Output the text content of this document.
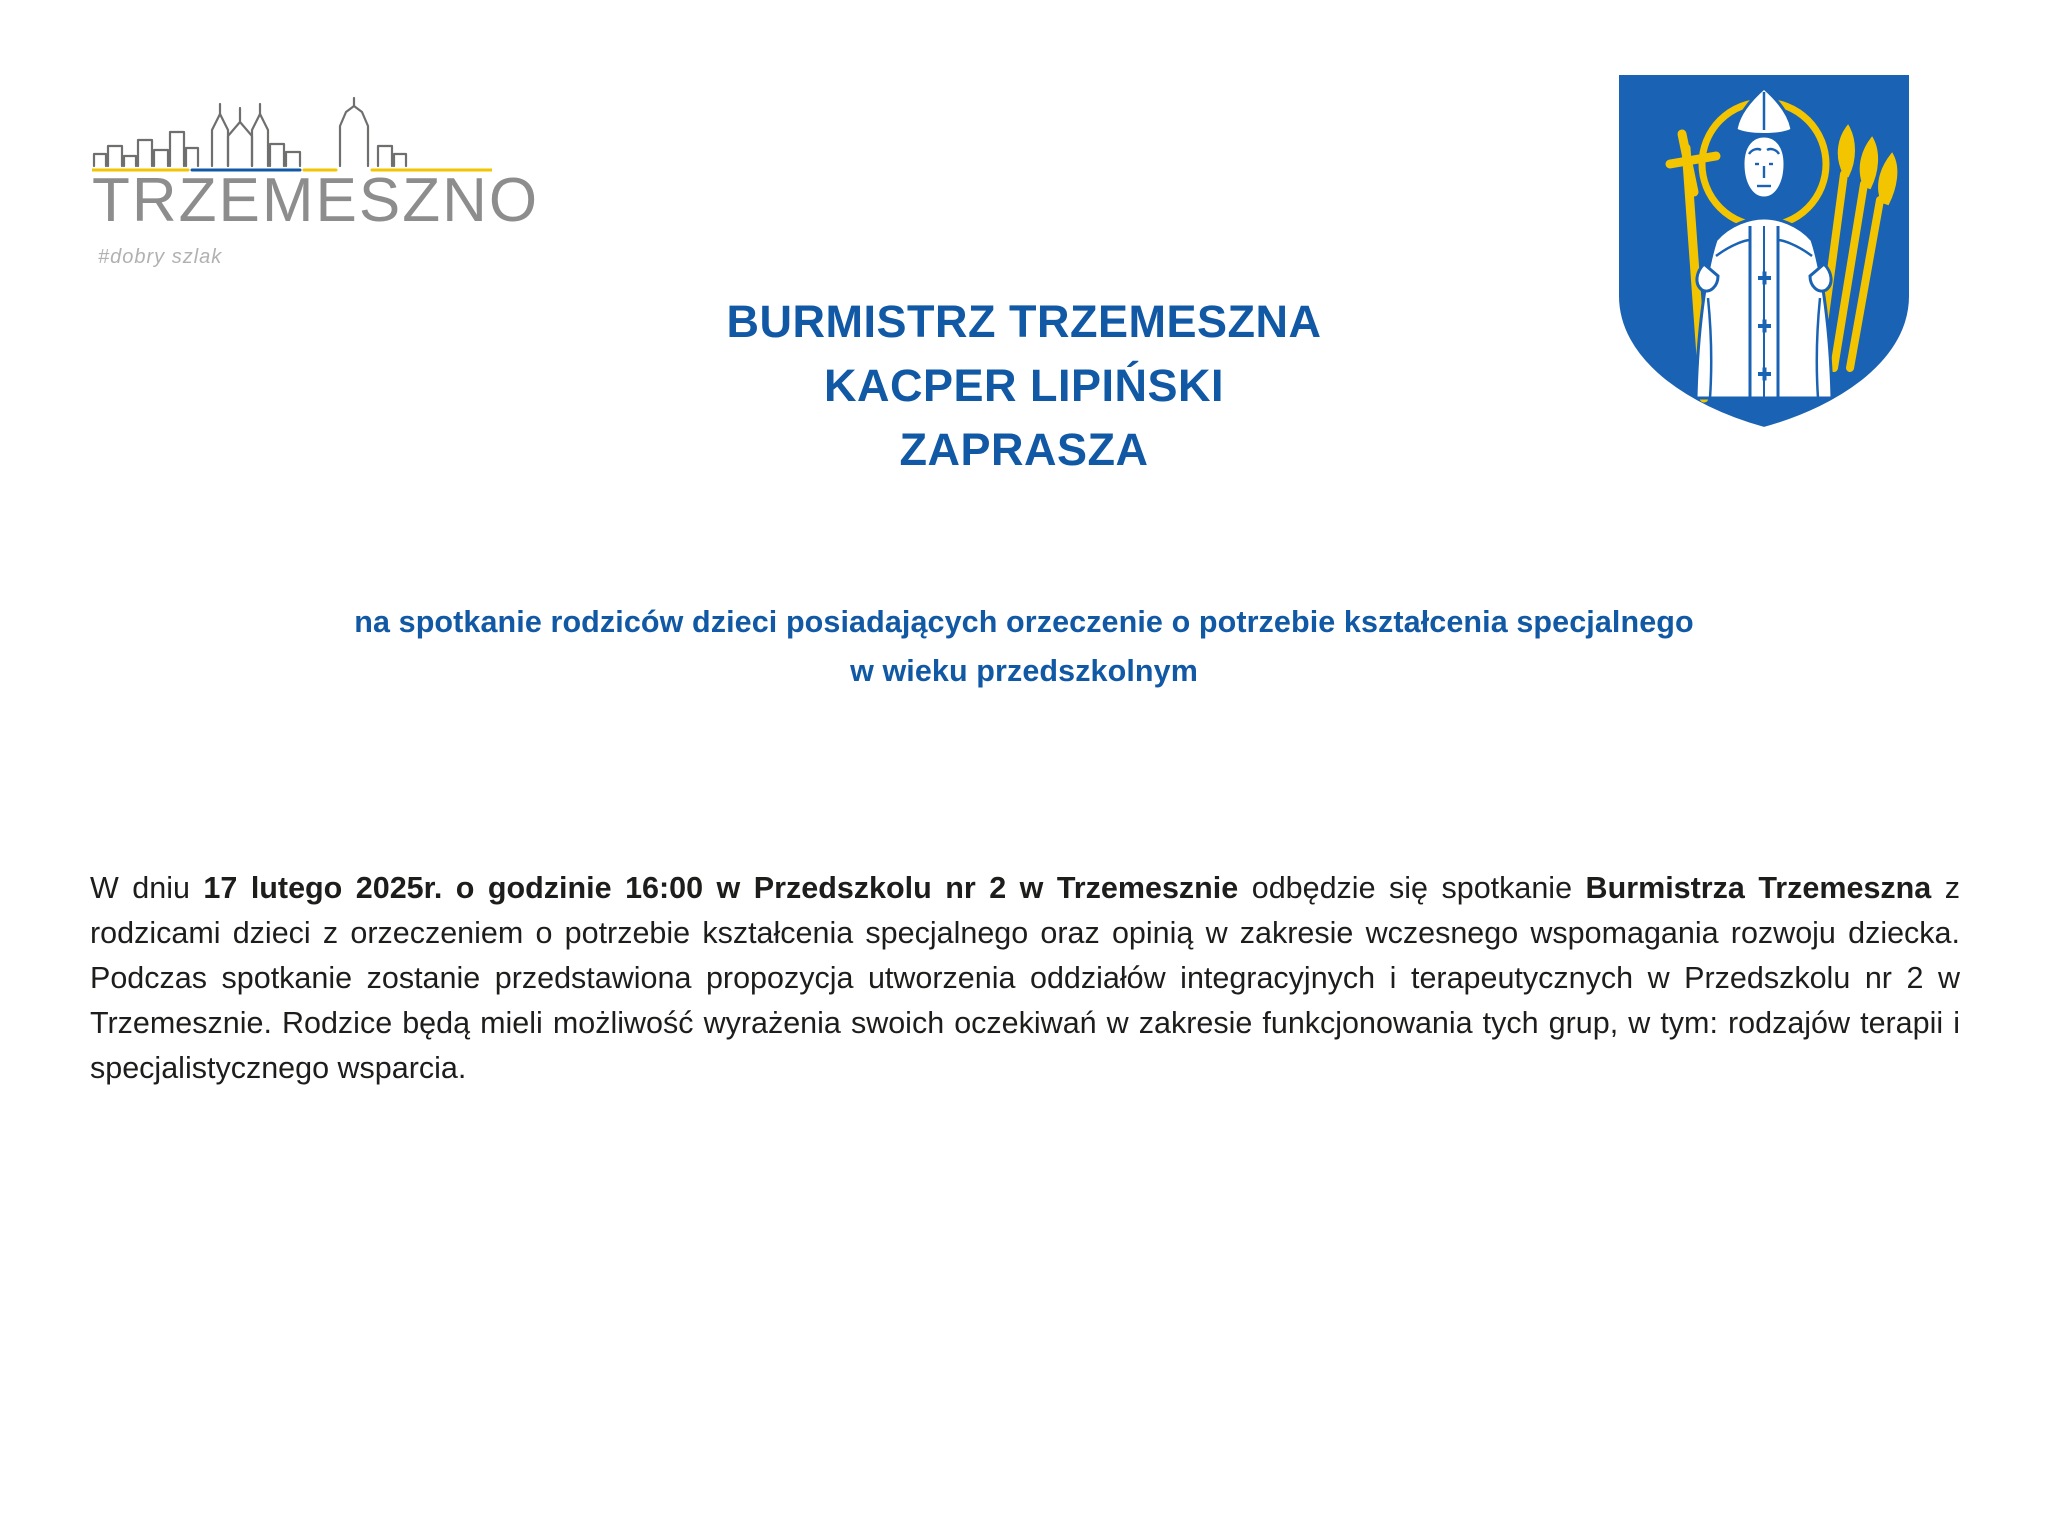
TRZEMESZNO
#dobry szlak
BURMISTRZ TRZEMESZNA
KACPER LIPIŃSKI
ZAPRASZA
na spotkanie rodziców dzieci posiadających orzeczenie o potrzebie kształcenia specjalnego
w wieku przedszkolnym

W dniu 17 lutego 2025r. o godzinie 16:00 w Przedszkolu nr 2 w Trzemesznie odbędzie się spotkanie Burmistrza Trzemeszna z rodzicami dzieci z orzeczeniem o potrzebie kształcenia specjalnego oraz opinią w zakresie wczesnego wspomagania rozwoju dziecka. Podczas spotkanie zostanie przedstawiona propozycja utworzenia oddziałów integracyjnych i terapeutycznych w Przedszkolu nr 2 w Trzemesznie. Rodzice będą mieli możliwość wyrażenia swoich oczekiwań w zakresie funkcjonowania tych grup, w tym: rodzajów terapii i specjalistycznego wsparcia.
